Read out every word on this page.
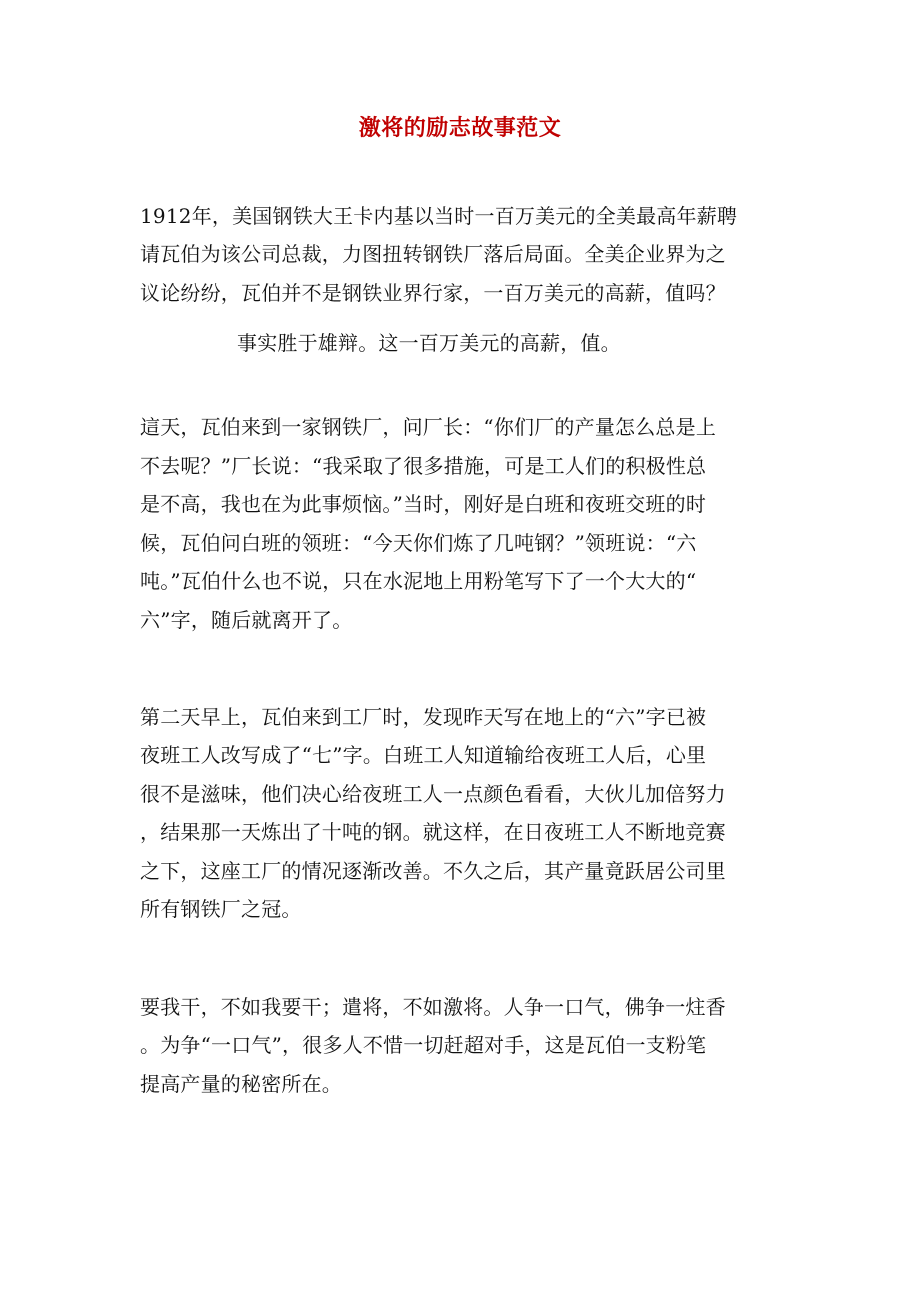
激将的励志故事范文
1912年，美国钢铁大王卡内基以当时一百万美元的全美最高年薪聘
请瓦伯为该公司总裁，力图扭转钢铁厂落后局面。全美企业界为之
议论纷纷，瓦伯并不是钢铁业界行家，一百万美元的高薪，值吗？
事实胜于雄辩。这一百万美元的高薪，值。
這天，瓦伯来到一家钢铁厂，问厂长：“你们厂的产量怎么总是上
不去呢？”厂长说：“我采取了很多措施，可是工人们的积极性总
是不高，我也在为此事烦恼。”当时，刚好是白班和夜班交班的时
候，瓦伯问白班的领班：“今天你们炼了几吨钢？”领班说：“六
吨。”瓦伯什么也不说，只在水泥地上用粉笔写下了一个大大的“
六”字，随后就离开了。
第二天早上，瓦伯来到工厂时，发现昨天写在地上的“六”字已被
夜班工人改写成了“七”字。白班工人知道输给夜班工人后，心里
很不是滋味，他们决心给夜班工人一点颜色看看，大伙儿加倍努力
，结果那一天炼出了十吨的钢。就这样，在日夜班工人不断地竞赛
之下，这座工厂的情况逐渐改善。不久之后，其产量竟跃居公司里
所有钢铁厂之冠。
要我干，不如我要干；遣将，不如激将。人争一口气，佛争一炷香
。为争“一口气”，很多人不惜一切赶超对手，这是瓦伯一支粉笔
提高产量的秘密所在。
